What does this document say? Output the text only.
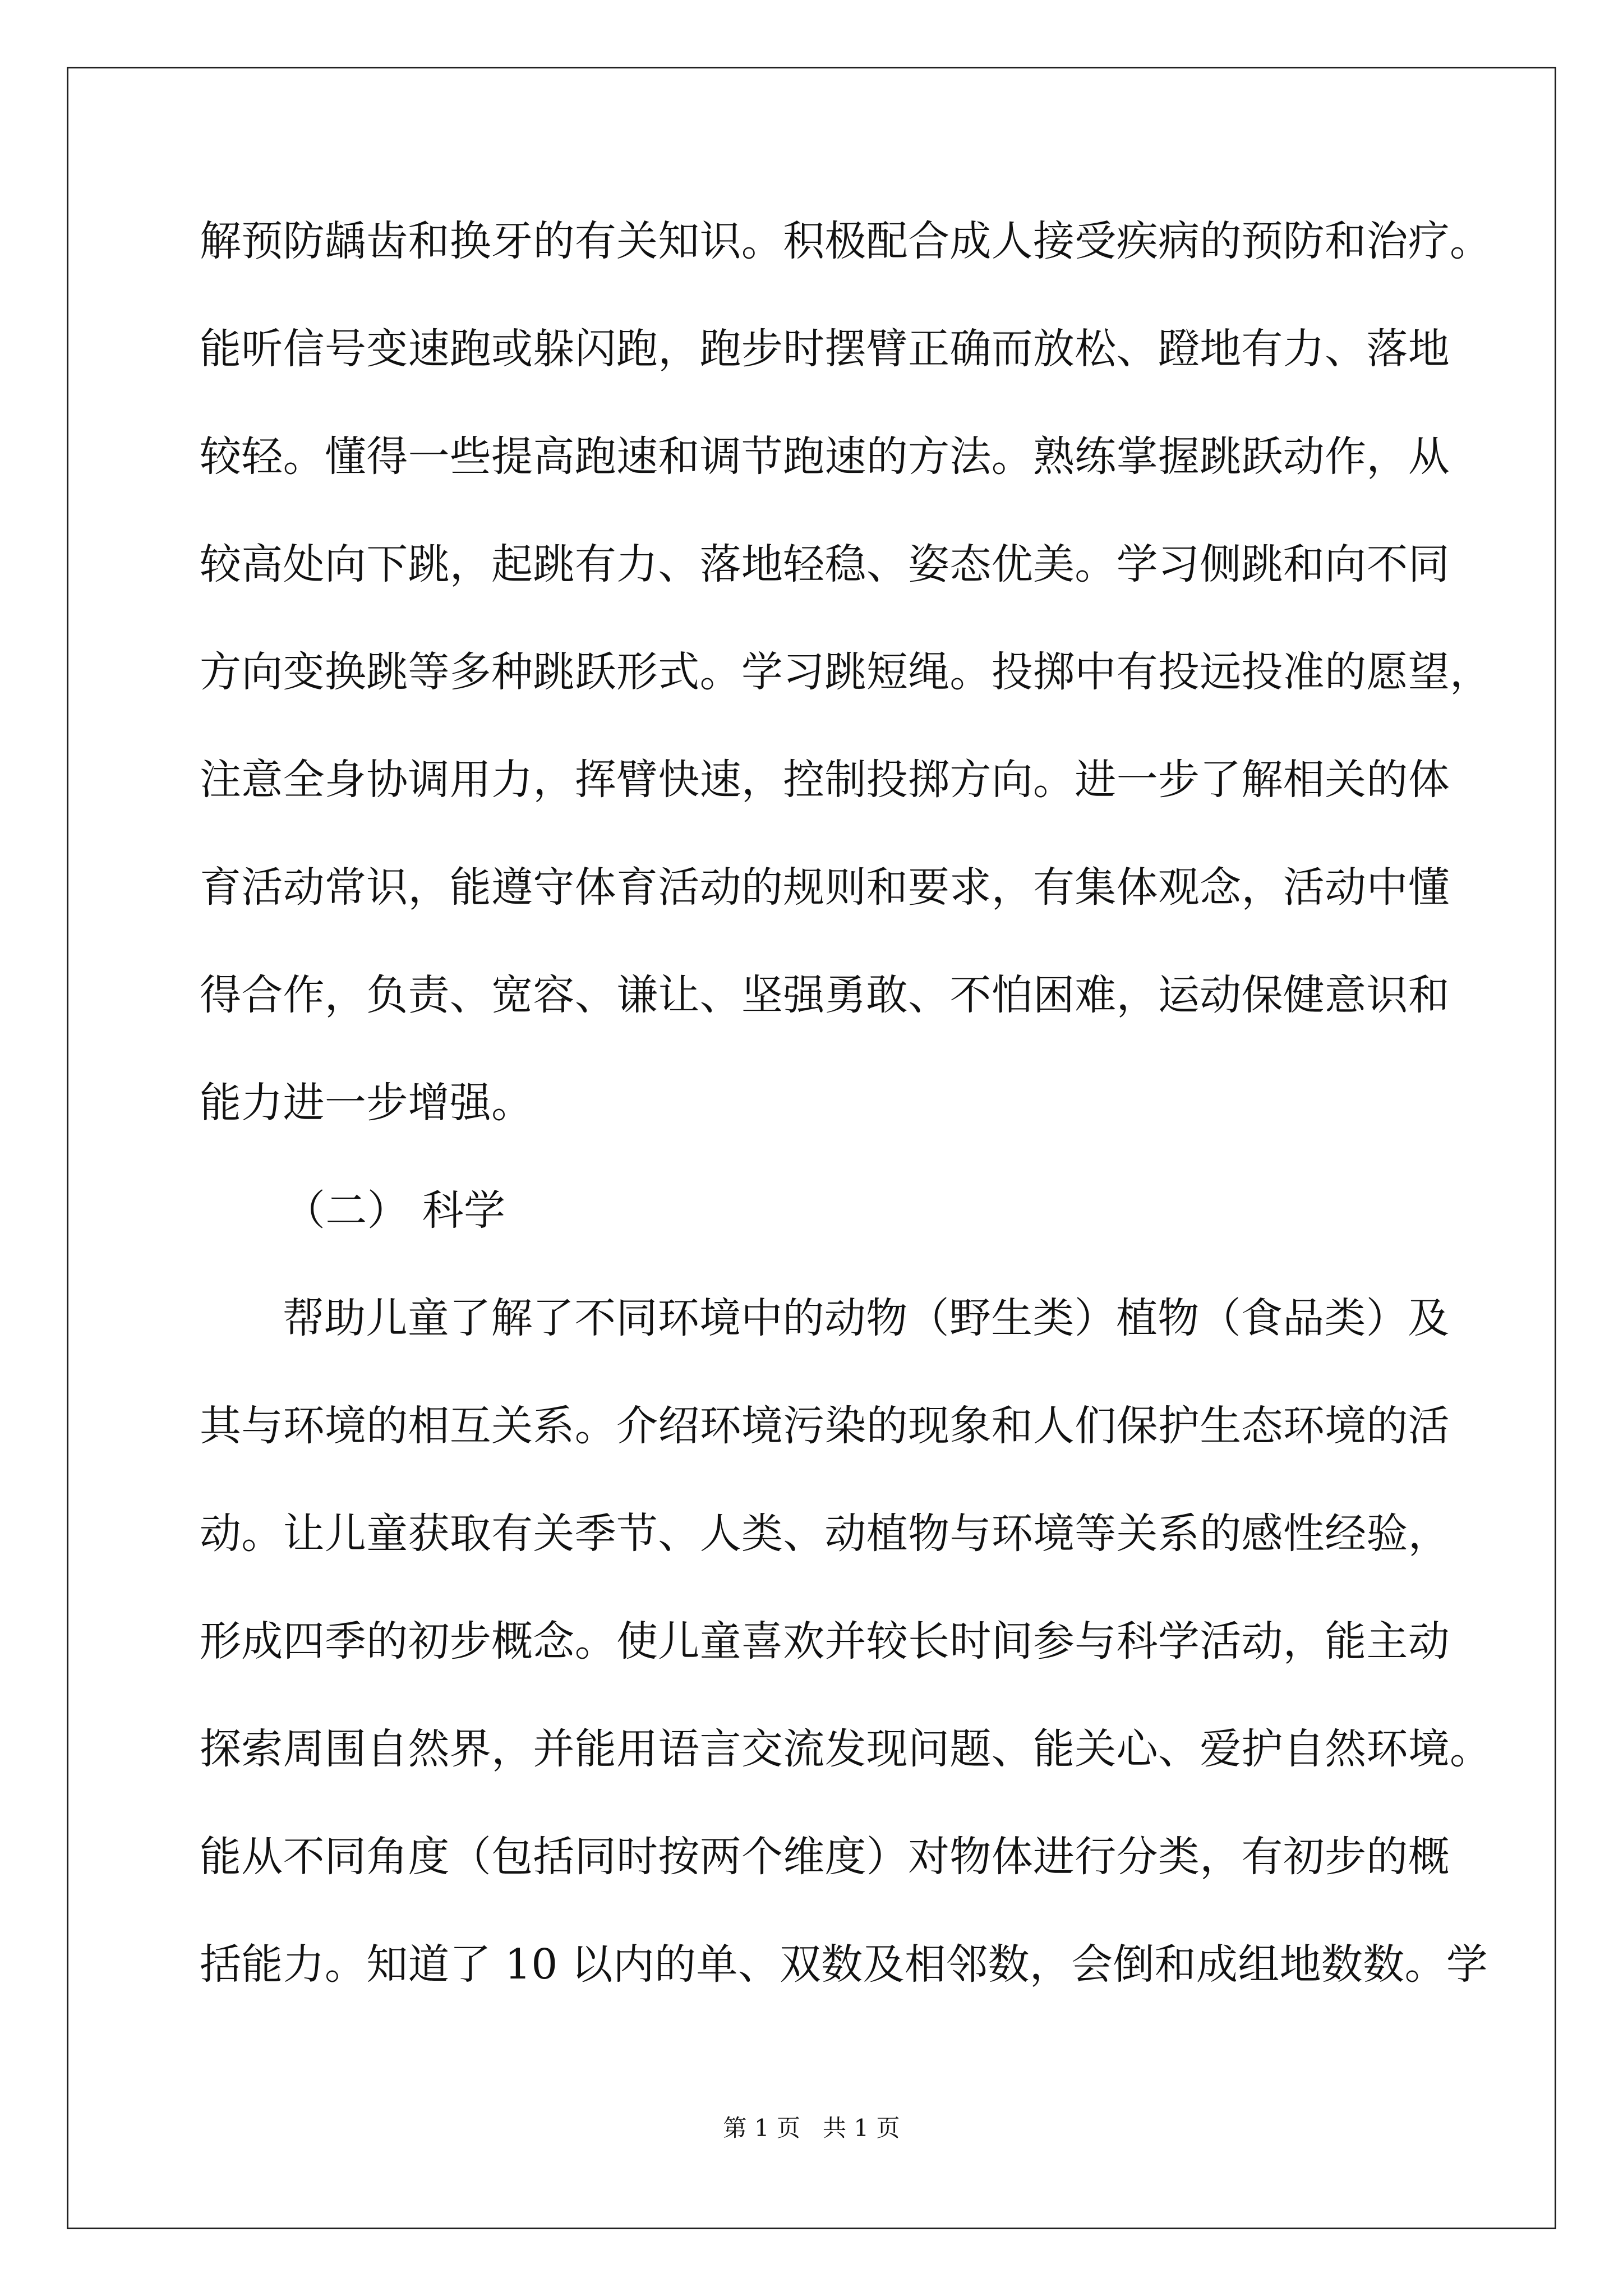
解预防龋齿和换牙的有关知识。积极配合成人接受疾病的预防和治疗。
能听信号变速跑或躲闪跑，跑步时摆臂正确而放松、蹬地有力、落地
较轻。懂得一些提高跑速和调节跑速的方法。熟练掌握跳跃动作，从
较高处向下跳，起跳有力、落地轻稳、姿态优美。学习侧跳和向不同
方向变换跳等多种跳跃形式。学习跳短绳。投掷中有投远投准的愿望，
注意全身协调用力，挥臂快速，控制投掷方向。进一步了解相关的体
育活动常识，能遵守体育活动的规则和要求，有集体观念，活动中懂
得合作，负责、宽容、谦让、坚强勇敢、不怕困难，运动保健意识和
能力进一步增强。
（二） 科学
帮助儿童了解了不同环境中的动物（野生类）植物（食品类）及
其与环境的相互关系。介绍环境污染的现象和人们保护生态环境的活
动。让儿童获取有关季节、人类、动植物与环境等关系的感性经验，
形成四季的初步概念。使儿童喜欢并较长时间参与科学活动，能主动
探索周围自然界，并能用语言交流发现问题、能关心、爱护自然环境。
能从不同角度（包括同时按两个维度）对物体进行分类，有初步的概
括能力。知道了 10 以内的单、双数及相邻数，会倒和成组地数数。学
第 1 页   共 1 页
